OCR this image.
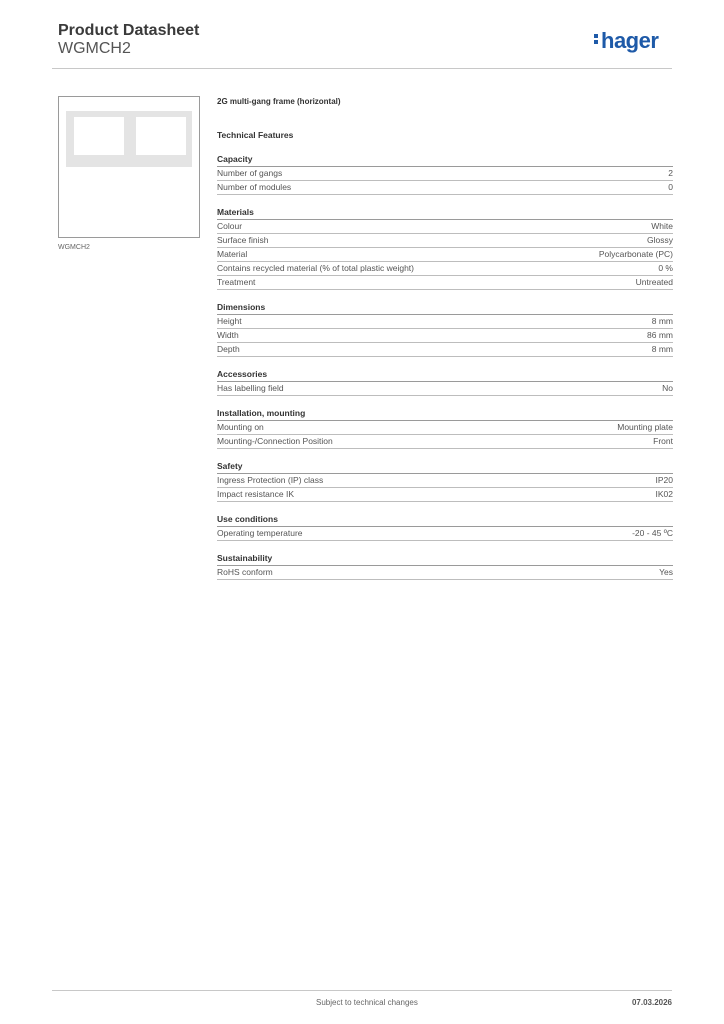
Product Datasheet
WGMCH2	hager
WGMCH2
2G multi-gang frame (horizontal)
Technical Features
Capacity
Number of gangs	2
Number of modules	0
Materials
Colour	White
Surface finish	Glossy
Material	Polycarbonate (PC)
Contains recycled material (% of total plastic weight)	0 %
Treatment	Untreated
Dimensions
Height	8 mm
Width	86 mm
Depth	8 mm
Accessories
Has labelling field	No
Installation, mounting
Mounting on	Mounting plate
Mounting-/Connection Position	Front
Safety
Ingress Protection (IP) class	IP20
Impact resistance IK	IK02
Use conditions
Operating temperature	-20 - 45 ºC
Sustainability
RoHS conform	Yes
Subject to technical changes	07.03.2026
